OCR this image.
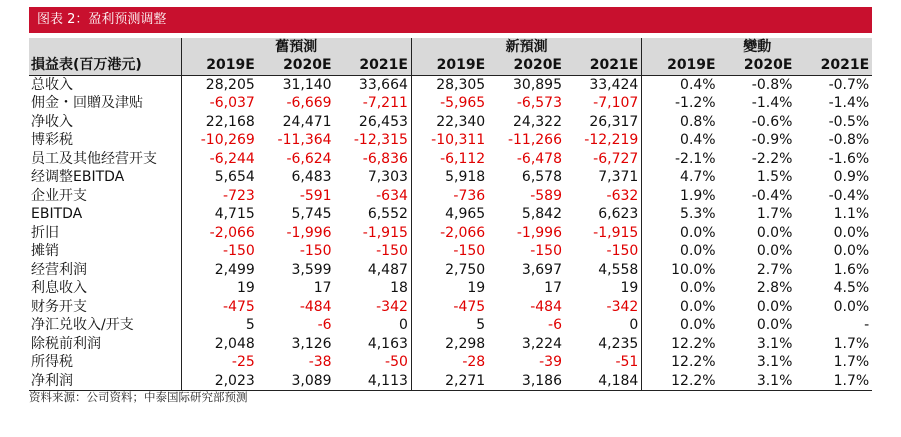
图表 2：盈利预测调整
	舊預測			新預測			變動		
損益表(百万港元)	2019E	2020E	2021E	2019E	2020E	2021E	2019E	2020E	2021E
总收入	28,205	31,140	33,664	28,305	30,895	33,424	0.4%	-0.8%	-0.7%
佣金・回贈及津贴	-6,037	-6,669	-7,211	-5,965	-6,573	-7,107	-1.2%	-1.4%	-1.4%
净收入	22,168	24,471	26,453	22,340	24,322	26,317	0.8%	-0.6%	-0.5%
博彩税	-10,269	-11,364	-12,315	-10,311	-11,266	-12,219	0.4%	-0.9%	-0.8%
员工及其他经营开支	-6,244	-6,624	-6,836	-6,112	-6,478	-6,727	-2.1%	-2.2%	-1.6%
经调整EBITDA	5,654	6,483	7,303	5,918	6,578	7,371	4.7%	1.5%	0.9%
企业开支	-723	-591	-634	-736	-589	-632	1.9%	-0.4%	-0.4%
EBITDA	4,715	5,745	6,552	4,965	5,842	6,623	5.3%	1.7%	1.1%
折旧	-2,066	-1,996	-1,915	-2,066	-1,996	-1,915	0.0%	0.0%	0.0%
摊销	-150	-150	-150	-150	-150	-150	0.0%	0.0%	0.0%
经营利润	2,499	3,599	4,487	2,750	3,697	4,558	10.0%	2.7%	1.6%
利息收入	19	17	18	19	17	19	0.0%	2.8%	4.5%
财务开支	-475	-484	-342	-475	-484	-342	0.0%	0.0%	0.0%
净汇兑收入/开支	5	-6	0	5	-6	0	0.0%	0.0%	-
除税前利润	2,048	3,126	4,163	2,298	3,224	4,235	12.2%	3.1%	1.7%
所得税	-25	-38	-50	-28	-39	-51	12.2%	3.1%	1.7%
净利润	2,023	3,089	4,113	2,271	3,186	4,184	12.2%	3.1%	1.7%
资料来源：公司资料；中泰国际研究部预测
